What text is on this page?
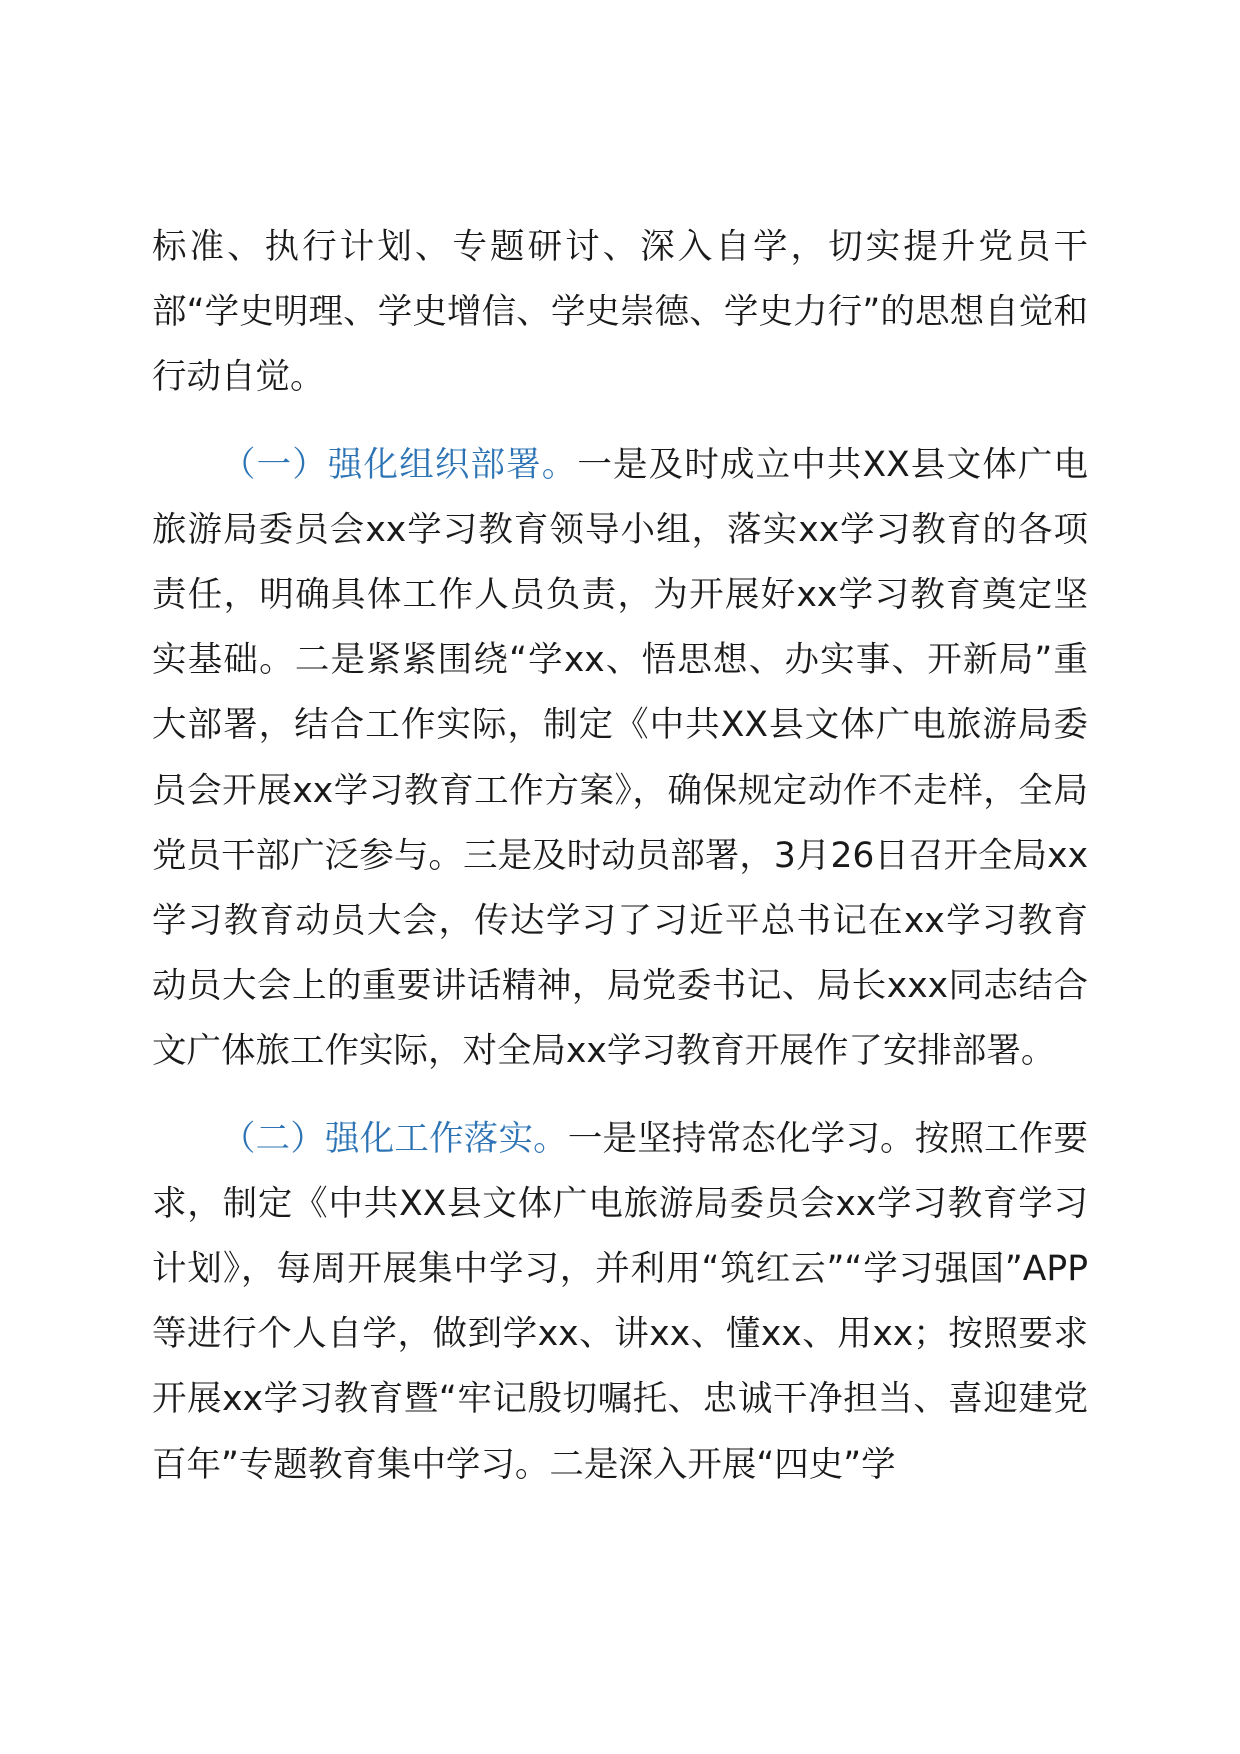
标准、执行计划、专题研讨、深入自学，切实提升党员干部“学史明理、学史增信、学史崇德、学史力行”的思想自觉和行动自觉。

（一）强化组织部署。一是及时成立中共XX县文体广电旅游局委员会xx学习教育领导小组，落实xx学习教育的各项责任，明确具体工作人员负责，为开展好xx学习教育奠定坚实基础。二是紧紧围绕“学xx、悟思想、办实事、开新局”重大部署，结合工作实际，制定《中共XX县文体广电旅游局委员会开展xx学习教育工作方案》，确保规定动作不走样，全局党员干部广泛参与。三是及时动员部署，3月26日召开全局xx学习教育动员大会，传达学习了习近平总书记在xx学习教育动员大会上的重要讲话精神，局党委书记、局长xxx同志结合文广体旅工作实际，对全局xx学习教育开展作了安排部署。

（二）强化工作落实。一是坚持常态化学习。按照工作要求，制定《中共XX县文体广电旅游局委员会xx学习教育学习计划》，每周开展集中学习，并利用“筑红云”“学习强国”APP等进行个人自学，做到学xx、讲xx、懂xx、用xx；按照要求开展xx学习教育暨“牢记殷切嘱托、忠诚干净担当、喜迎建党百年”专题教育集中学习。二是深入开展“四史”学
